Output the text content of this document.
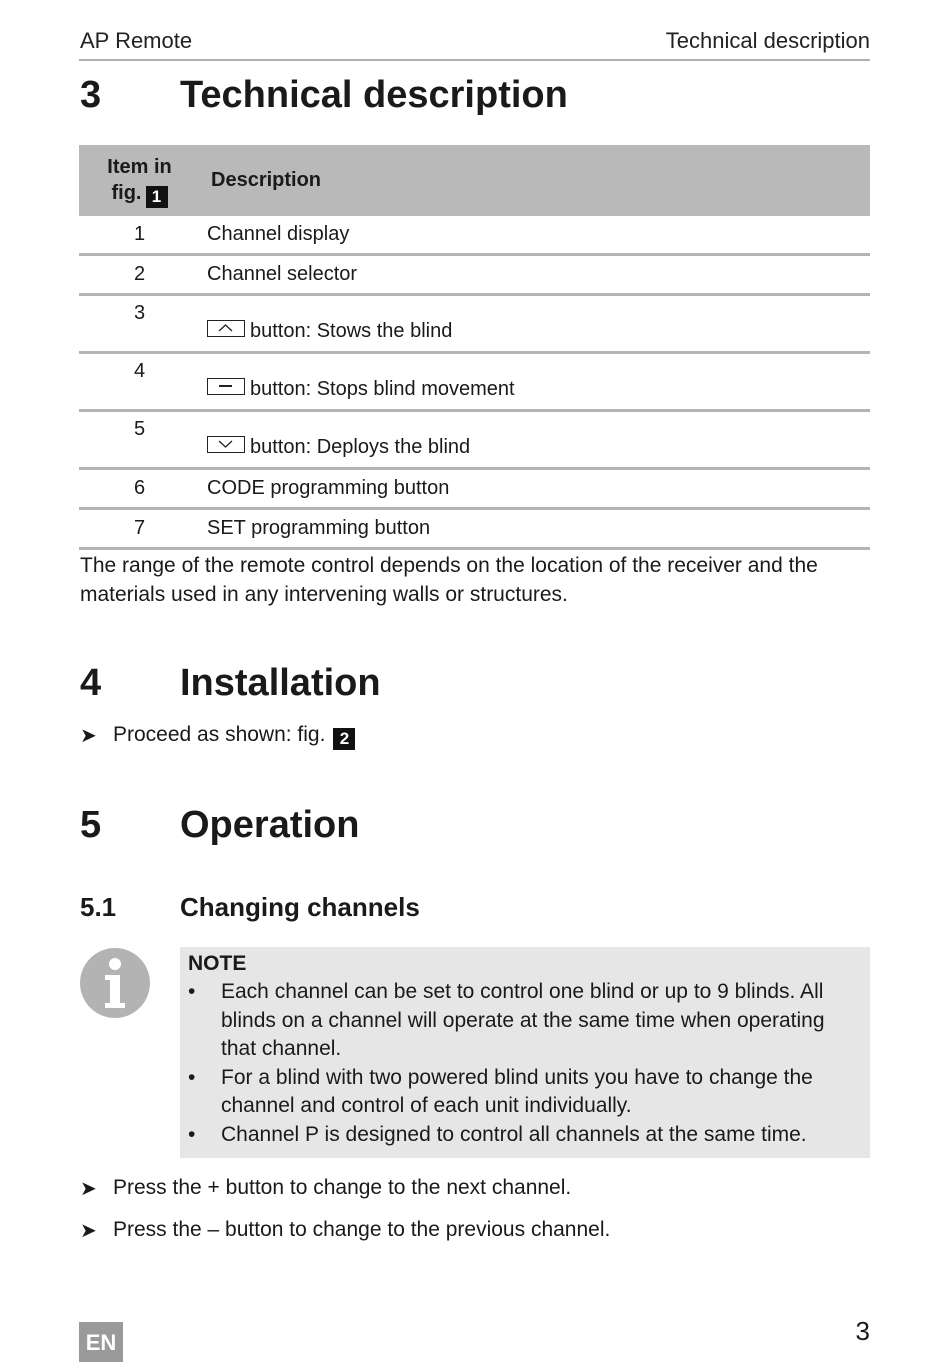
AP Remote	Technical description
3 Technical description
Item in
fig. 1	Description
1	Channel display
2	Channel selector
3	button: Stows the blind
4	button: Stops blind movement
5	button: Deploys the blind
6	CODE programming button
7	SET programming button
The range of the remote control depends on the location of the receiver and the materials used in any intervening walls or structures.
4 Installation
➤ Proceed as shown: fig. 2
5 Operation
5.1 Changing channels
NOTE
• Each channel can be set to control one blind or up to 9 blinds. All blinds on a channel will operate at the same time when operating that channel.
• For a blind with two powered blind units you have to change the channel and control of each unit individually.
• Channel P is designed to control all channels at the same time.
➤ Press the + button to change to the next channel.
➤ Press the – button to change to the previous channel.
EN	3
